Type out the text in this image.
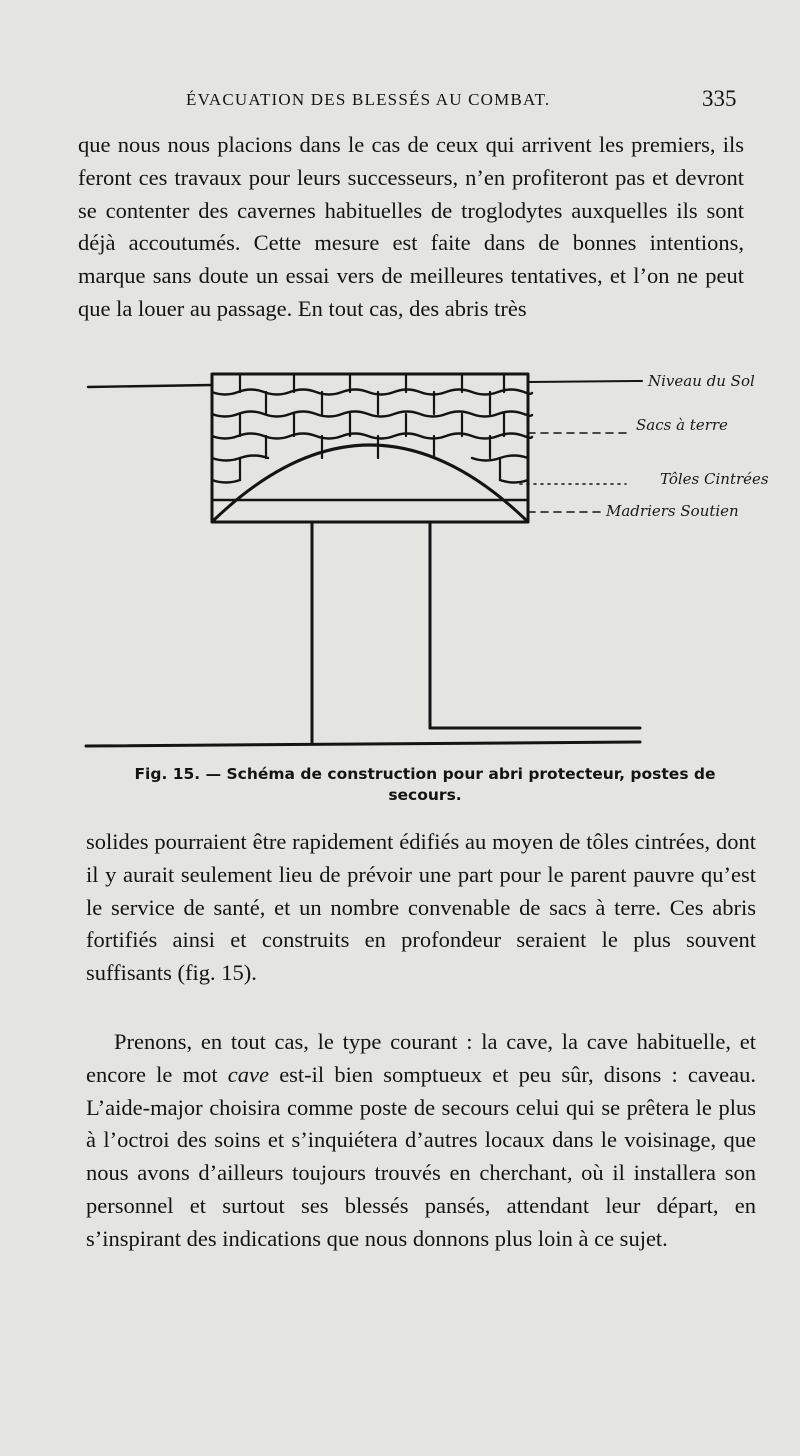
ÉVACUATION DES BLESSÉS AU COMBAT.	335

que nous nous placions dans le cas de ceux qui arrivent les premiers, ils feront ces travaux pour leurs successeurs, n’en profiteront pas et devront se contenter des cavernes habituelles de troglodytes auxquelles ils sont déjà accoutumés. Cette mesure est faite dans de bonnes intentions, marque sans doute un essai vers de meilleures tentatives, et l’on ne peut que la louer au passage. En tout cas, des abris très

Niveau du Sol
Sacs à terre
Tôles Cintrées
Madriers Soutien
Fig. 15. — Schéma de construction pour abri protecteur, postes de secours.

solides pourraient être rapidement édifiés au moyen de tôles cintrées, dont il y aurait seulement lieu de prévoir une part pour le parent pauvre qu’est le service de santé, et un nombre convenable de sacs à terre. Ces abris fortifiés ainsi et construits en profondeur seraient le plus souvent suffisants (fig. 15).

Prenons, en tout cas, le type courant : la cave, la cave habituelle, et encore le mot cave est-il bien somptueux et peu sûr, disons : caveau. L’aide-major choisira comme poste de secours celui qui se prêtera le plus à l’octroi des soins et s’inquiétera d’autres locaux dans le voisinage, que nous avons d’ailleurs toujours trouvés en cherchant, où il installera son personnel et surtout ses blessés pansés, attendant leur départ, en s’inspirant des indications que nous donnons plus loin à ce sujet.
